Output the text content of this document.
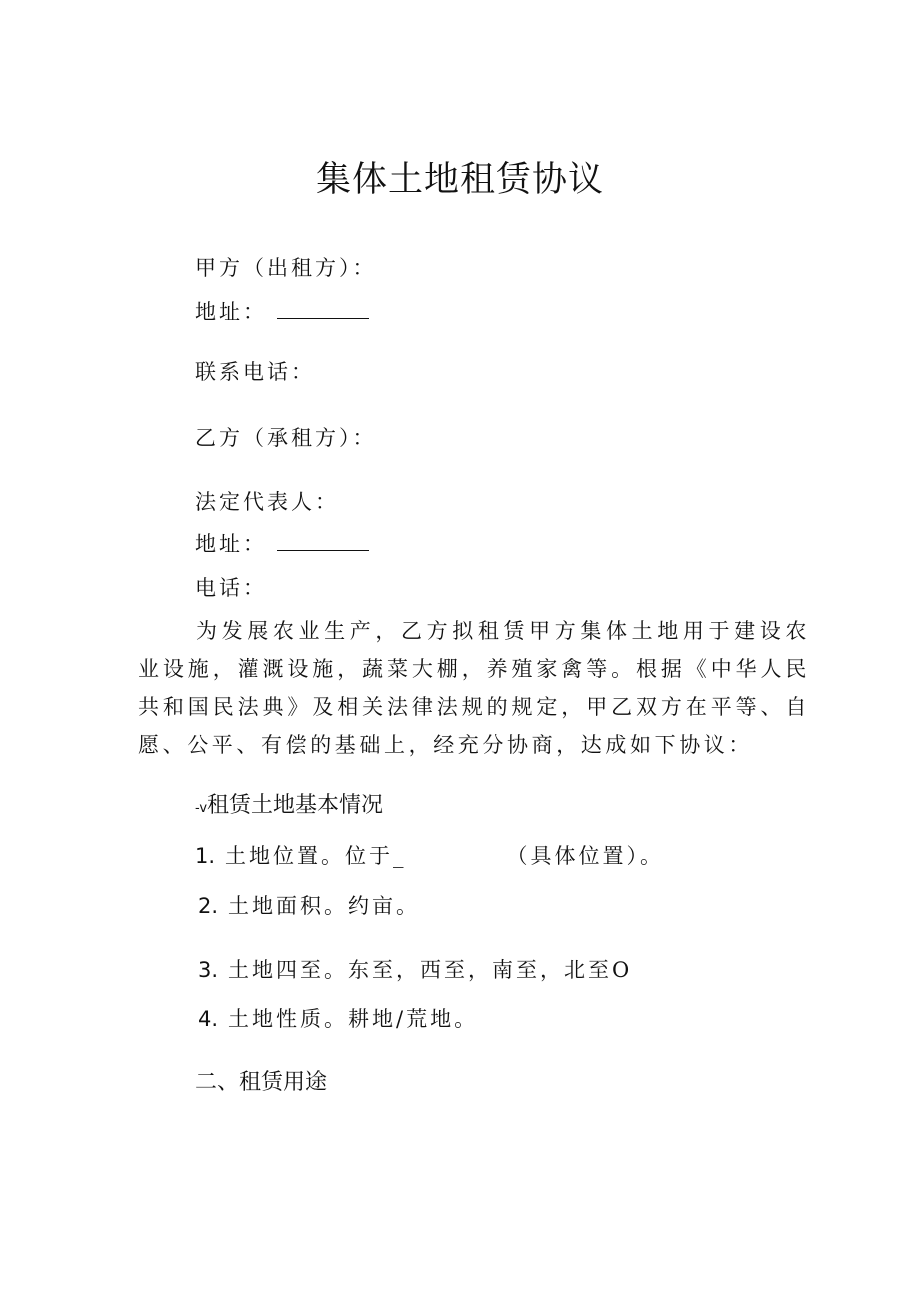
集体土地租赁协议
甲方（出租方）：
地址：
联系电话：
乙方（承租方）：
法定代表人：
地址：
电话：
为发展农业生产，乙方拟租赁甲方集体土地用于建设农业设施，灌溉设施，蔬菜大棚，养殖家禽等。根据《中华人民共和国民法典》及相关法律法规的规定，甲乙双方在平等、自愿、公平、有偿的基础上，经充分协商，达成如下协议：
-v租赁土地基本情况
1. 土地位置。位于_	（具体位置）。
2. 土地面积。约亩。
3. 土地四至。东至，西至，南至，北至O
4. 土地性质。耕地/荒地。
二、租赁用途
